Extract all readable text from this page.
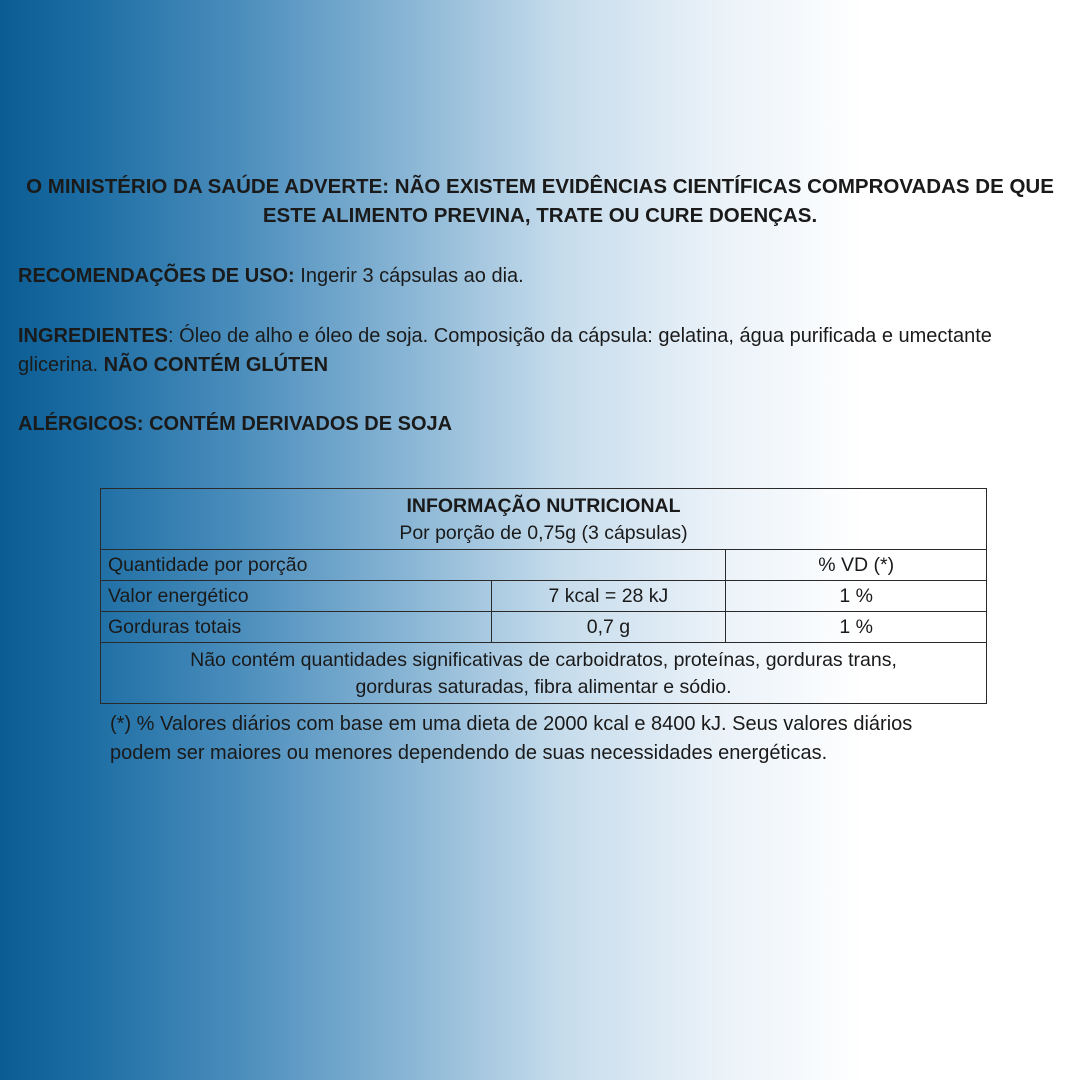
O MINISTÉRIO DA SAÚDE ADVERTE: NÃO EXISTEM EVIDÊNCIAS CIENTÍFICAS COMPROVADAS DE QUE
ESTE ALIMENTO PREVINA, TRATE OU CURE DOENÇAS.
RECOMENDAÇÕES DE USO: Ingerir 3 cápsulas ao dia.
INGREDIENTES: Óleo de alho e óleo de soja. Composição da cápsula: gelatina, água purificada e umectante
glicerina. NÃO CONTÉM GLÚTEN
ALÉRGICOS: CONTÉM DERIVADOS DE SOJA
INFORMAÇÃO NUTRICIONAL
Por porção de 0,75g (3 cápsulas)		

Quantidade por porção		% VD (*)
Valor energético	7 kcal = 28 kJ	1 %
Gorduras totais	0,7 g	1 %

Não contém quantidades significativas de carboidratos, proteínas, gorduras trans,
gorduras saturadas, fibra alimentar e sódio.		
(*) % Valores diários com base em uma dieta de 2000 kcal e 8400 kJ. Seus valores diários
podem ser maiores ou menores dependendo de suas necessidades energéticas.
